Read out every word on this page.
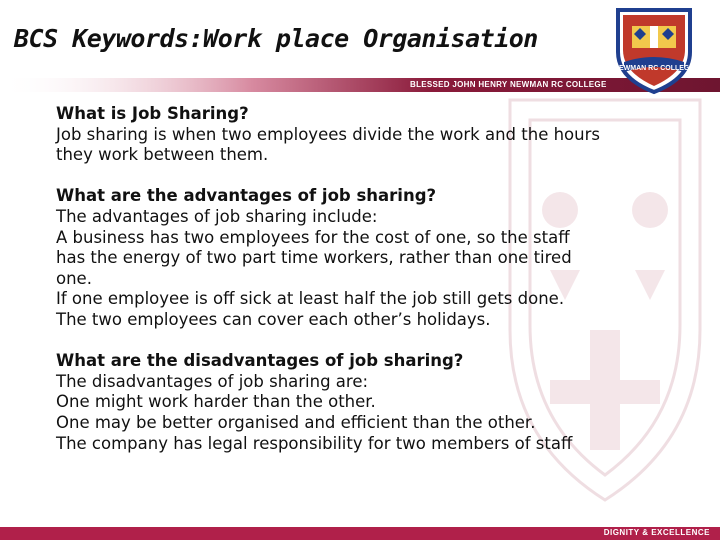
BCS Keywords:Work place Organisation
BLESSED JOHN HENRY NEWMAN RC COLLEGE
NEWMAN RC COLLEGE

What is Job Sharing?

Job sharing is when two employees divide the work and the hours

they work between them.

What are the advantages of job sharing?

The advantages of job sharing include:

A business has two employees for the cost of one, so the staff

has the energy of two part time workers, rather than one tired

one.

If one employee is off sick at least half the job still gets done.

The two employees can cover each other’s holidays.

What are the disadvantages of job sharing?

The disadvantages of job sharing are:

One might work harder than the other.

One may be better organised and efficient than the other.

The company has legal responsibility for two members of staff

DIGNITY & EXCELLENCE
